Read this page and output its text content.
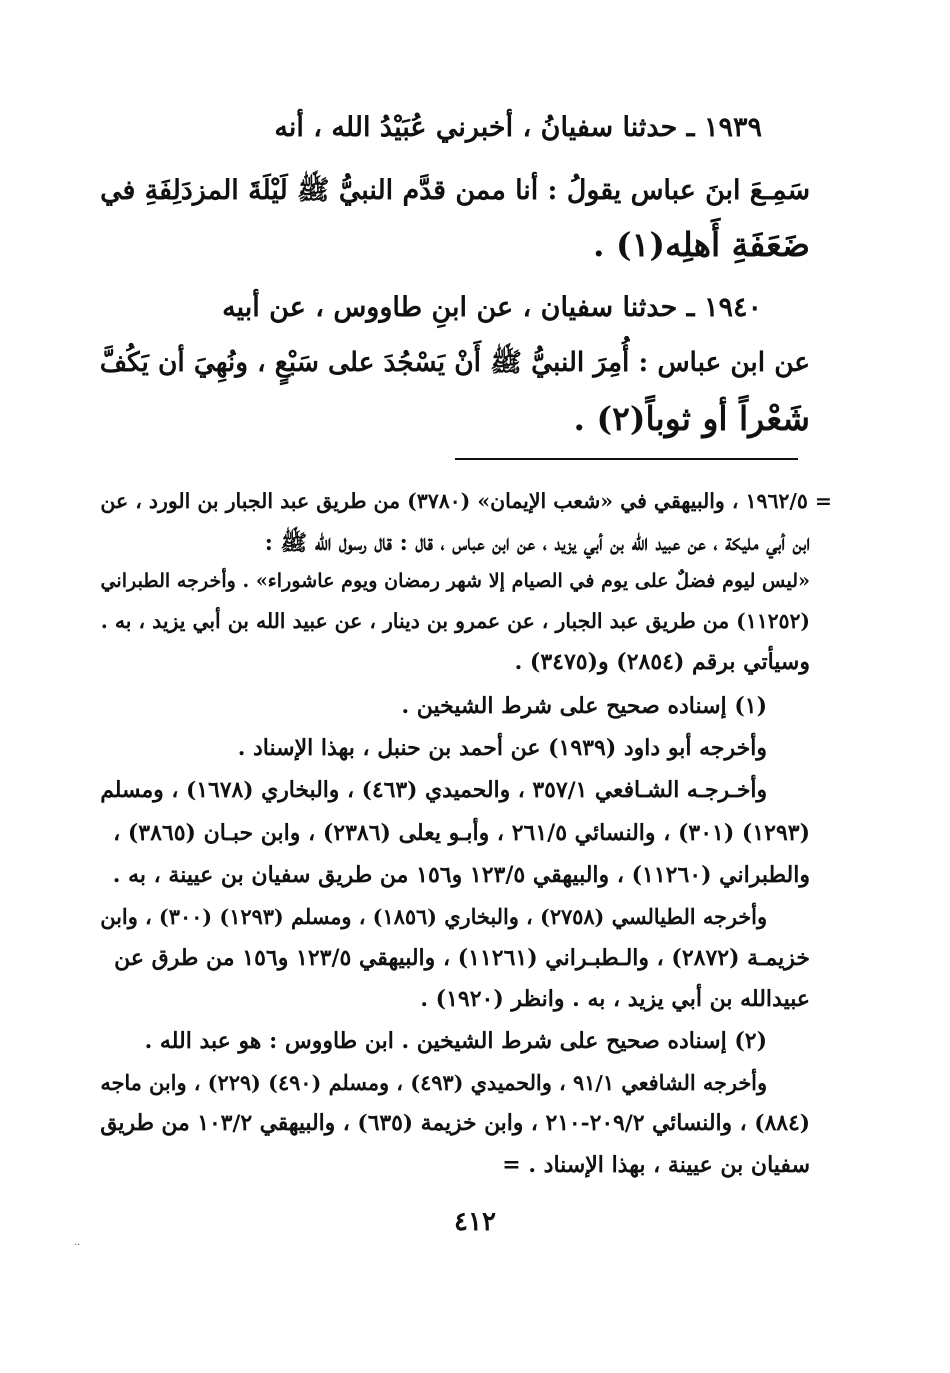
١٩٣٩ ـ حدثنا سفيانُ ، أخبرني عُبَيْدُ الله ، أنه
سَمِـعَ ابنَ عباس يقولُ : أنا ممن قدَّم النبيُّ ﷺ لَيْلَةَ المزدَلِفَةِ في
ضَعَفَةِ أَهلِه(١) .
١٩٤٠ ـ حدثنا سفيان ، عن ابنِ طاووس ، عن أبيه
عن ابن عباس : أُمِرَ النبيُّ ﷺ أَنْ يَسْجُدَ على سَبْعٍ ، ونُهِيَ أن يَكُفَّ
شَعْراً أو ثوباً(٢) .
= ١٩٦٢/٥ ، والبيهقي في «شعب الإيمان» (٣٧٨٠) من طريق عبد الجبار بن الورد ، عن
ابن أبي مليكة ، عن عبيد الله بن أبي يزيد ، عن ابن عباس ، قال : قال رسول الله ﷺ :
«ليس ليوم فضلٌ على يوم في الصيام إلا شهر رمضان ويوم عاشوراء» . وأخرجه الطبراني
(١١٢٥٢) من طريق عبد الجبار ، عن عمرو بن دينار ، عن عبيد الله بن أبي يزيد ، به .
وسيأتي برقم (٢٨٥٤) و(٣٤٧٥) .
(١) إسناده صحيح على شرط الشيخين .
وأخرجه أبو داود (١٩٣٩) عن أحمد بن حنبل ، بهذا الإسناد .
وأخـرجـه الشـافعي ٣٥٧/١ ، والحميدي (٤٦٣) ، والبخاري (١٦٧٨) ، ومسلم
(١٢٩٣) (٣٠١) ، والنسائي ٢٦١/٥ ، وأبـو يعلى (٢٣٨٦) ، وابن حبـان (٣٨٦٥) ،
والطبراني (١١٢٦٠) ، والبيهقي ١٢٣/٥ و١٥٦ من طريق سفيان بن عيينة ، به .
وأخرجه الطيالسي (٢٧٥٨) ، والبخاري (١٨٥٦) ، ومسلم (١٢٩٣) (٣٠٠) ، وابن
خزيمـة (٢٨٧٢) ، والـطبـراني (١١٢٦١) ، والبيهقي ١٢٣/٥ و١٥٦ من طرق عن
عبيدالله بن أبي يزيد ، به . وانظر (١٩٢٠) .
(٢) إسناده صحيح على شرط الشيخين . ابن طاووس : هو عبد الله .
وأخرجه الشافعي ٩١/١ ، والحميدي (٤٩٣) ، ومسلم (٤٩٠) (٢٢٩) ، وابن ماجه
(٨٨٤) ، والنسائي ٢٠٩/٢-٢١٠ ، وابن خزيمة (٦٣٥) ، والبيهقي ١٠٣/٢ من طريق
سفيان بن عيينة ، بهذا الإسناد . =
٤١٢
··
